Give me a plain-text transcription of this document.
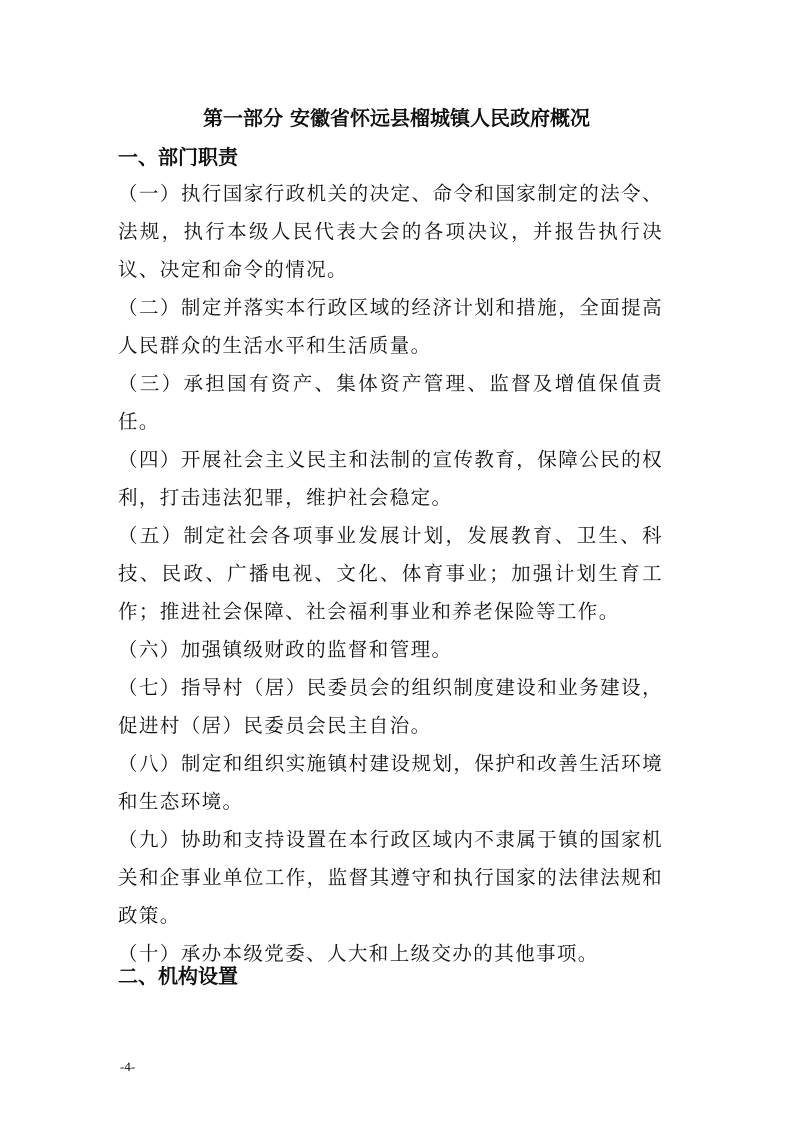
第一部分 安徽省怀远县榴城镇人民政府概况
一、部门职责

（一）执行国家行政机关的决定、命令和国家制定的法令、法规，执行本级人民代表大会的各项决议，并报告执行决议、决定和命令的情况。

（二）制定并落实本行政区域的经济计划和措施，全面提高人民群众的生活水平和生活质量。

（三）承担国有资产、集体资产管理、监督及增值保值责任。

（四）开展社会主义民主和法制的宣传教育，保障公民的权利，打击违法犯罪，维护社会稳定。

（五）制定社会各项事业发展计划，发展教育、卫生、科技、民政、广播电视、文化、体育事业；加强计划生育工作；推进社会保障、社会福利事业和养老保险等工作。

（六）加强镇级财政的监督和管理。

（七）指导村（居）民委员会的组织制度建设和业务建设，促进村（居）民委员会民主自治。

（八）制定和组织实施镇村建设规划，保护和改善生活环境和生态环境。

（九）协助和支持设置在本行政区域内不隶属于镇的国家机关和企事业单位工作，监督其遵守和执行国家的法律法规和政策。

（十）承办本级党委、人大和上级交办的其他事项。

二、机构设置
-4-
